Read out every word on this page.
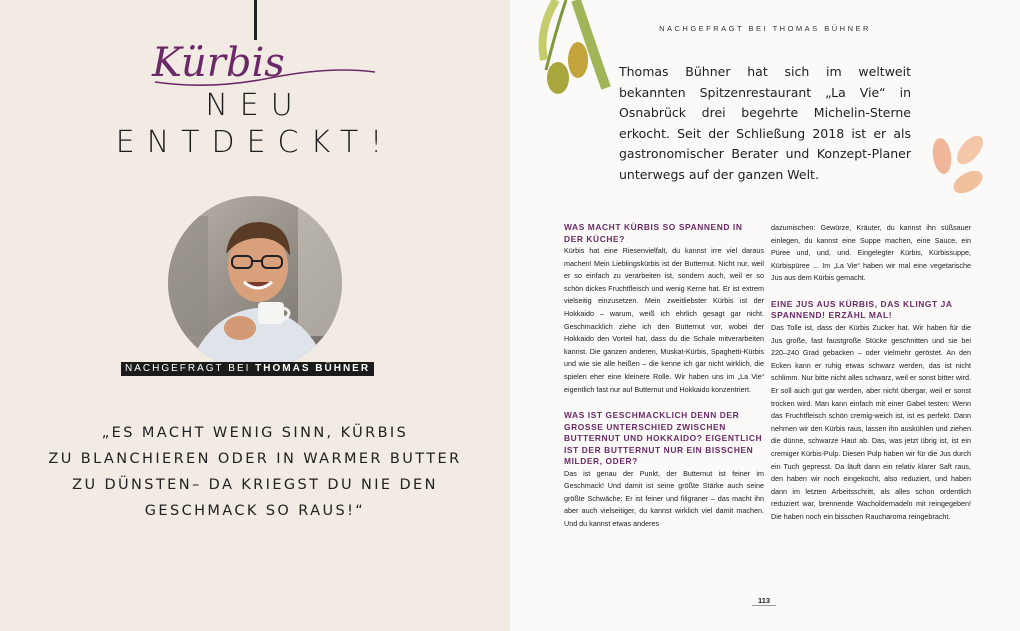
Kürbis
NEU
ENTDECKT!
NACHGEFRAGT BEI THOMAS BÜHNER
„ES MACHT WENIG SINN, KÜRBIS
ZU BLANCHIEREN ODER IN WARMER BUTTER
ZU DÜNSTEN– DA KRIEGST DU NIE DEN
GESCHMACK SO RAUS!“
NACHGEFRAGT BEI THOMAS BÜHNER
Thomas Bühner hat sich im weltweit bekannten Spitzenrestaurant „La Vie“ in Osnabrück drei begehrte Michelin-Sterne erkocht. Seit der Schließung 2018 ist er als gastronomischer Berater und Konzept-Planer unterwegs auf der ganzen Welt.
WAS MACHT KÜRBIS SO SPANNEND IN DER KÜCHE?
Kürbis hat eine Riesenvielfalt, du kannst irre viel daraus machen! Mein Lieblingskürbis ist der Butternut. Nicht nur, weil er so einfach zu verarbeiten ist, sondern auch, weil er so schön dickes Fruchtfleisch und wenig Kerne hat. Er ist extrem vielseitig einzusetzen. Mein zweitliebster Kürbis ist der Hokkaido – warum, weiß ich ehrlich gesagt gar nicht. Geschmacklich ziehe ich den Butternut vor, wobei der Hokkaido den Vorteil hat, dass du die Schale mitverarbeiten kannst. Die ganzen anderen, Muskat-Kürbis, Spaghetti-Kürbis und wie sie alle heißen – die kenne ich gar nicht wirklich, die spielen eher eine kleinere Rolle. Wir haben uns im „La Vie“ eigentlich fast nur auf Butternut und Hokkaido konzentriert.
WAS IST GESCHMACKLICH DENN DER GROSSE UNTERSCHIED ZWISCHEN BUTTERNUT UND HOKKAIDO? EIGENTLICH IST DER BUTTERNUT NUR EIN BISSCHEN MILDER, ODER?
Das ist genau der Punkt, der Butternut ist feiner im Geschmack! Und damit ist seine größte Stärke auch seine größte Schwäche: Er ist feiner und filigraner – das macht ihn aber auch vielseitiger, du kannst wirklich viel damit machen. Und du kannst etwas anderes
dazumischen: Gewürze, Kräuter, du kannst ihn süßsauer einlegen, du kannst eine Suppe machen, eine Sauce, ein Püree und, und, und. Eingelegter Kürbis, Kürbissuppe, Kürbispüree ... Im „La Vie“ haben wir mal eine vegetarische Jus aus dem Kürbis gemacht.
EINE JUS AUS KÜRBIS, DAS KLINGT JA SPANNEND! ERZÄHL MAL!
Das Tolle ist, dass der Kürbis Zucker hat. Wir haben für die Jus große, fast faustgroße Stücke geschnitten und sie bei 220–240 Grad gebacken – oder vielmehr geröstet. An den Ecken kann er ruhig etwas schwarz werden, das ist nicht schlimm. Nur bitte nicht alles schwarz, weil er sonst bitter wird. Er soll auch gut gar werden, aber nicht übergar, weil er sonst trocken wird. Man kann einfach mit einer Gabel testen: Wenn das Fruchtfleisch schön cremig-weich ist, ist es perfekt. Dann nehmen wir den Kürbis raus, lassen ihn auskühlen und ziehen die dünne, schwarze Haut ab. Das, was jetzt übrig ist, ist ein cremiger Kürbis-Pulp. Diesen Pulp haben wir für die Jus durch ein Tuch gepresst. Da läuft dann ein relativ klarer Saft raus, den haben wir noch eingekocht, also reduziert, und haben dann im letzten Arbeitsschritt, als alles schon ordentlich reduziert war, brennende Wacholdernadeln mit reingegeben! Die haben noch ein bisschen Raucharoma reingebracht.
113
